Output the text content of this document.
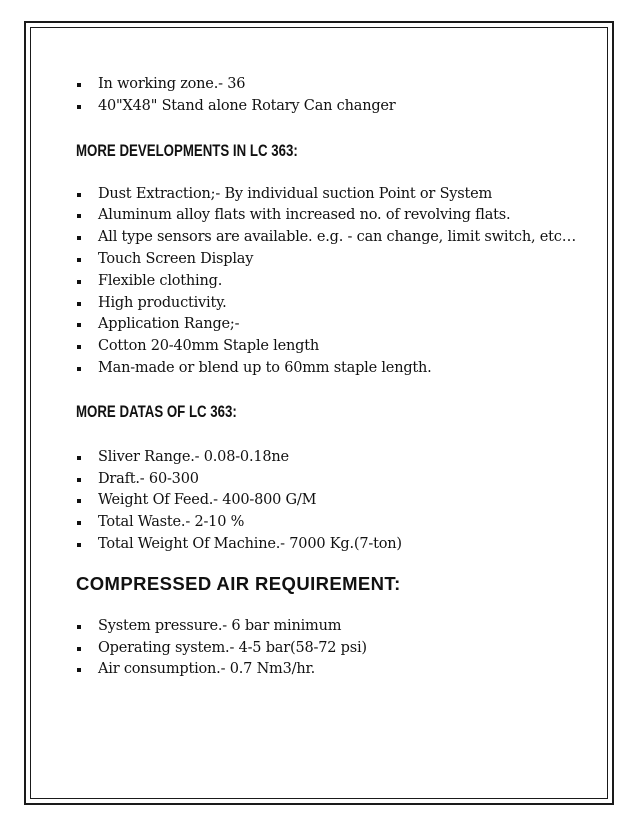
In working zone.- 36
40"X48" Stand alone Rotary Can changer
MORE DEVELOPMENTS IN LC 363:
Dust Extraction;- By individual suction Point or System
Aluminum alloy flats with increased no. of revolving flats.
All type sensors are available. e.g. - can change, limit switch, etc…
Touch Screen Display
Flexible clothing.
High productivity.
Application Range;-
Cotton 20-40mm Staple length
Man-made or blend up to 60mm staple length.
MORE DATAS OF LC 363:
Sliver Range.- 0.08-0.18ne
Draft.- 60-300
Weight Of Feed.- 400-800 G/M
Total Waste.- 2-10 %
Total Weight Of Machine.- 7000 Kg.(7-ton)
COMPRESSED AIR REQUIREMENT:
System pressure.- 6 bar minimum
Operating system.- 4-5 bar(58-72 psi)
Air consumption.- 0.7 Nm3/hr.
